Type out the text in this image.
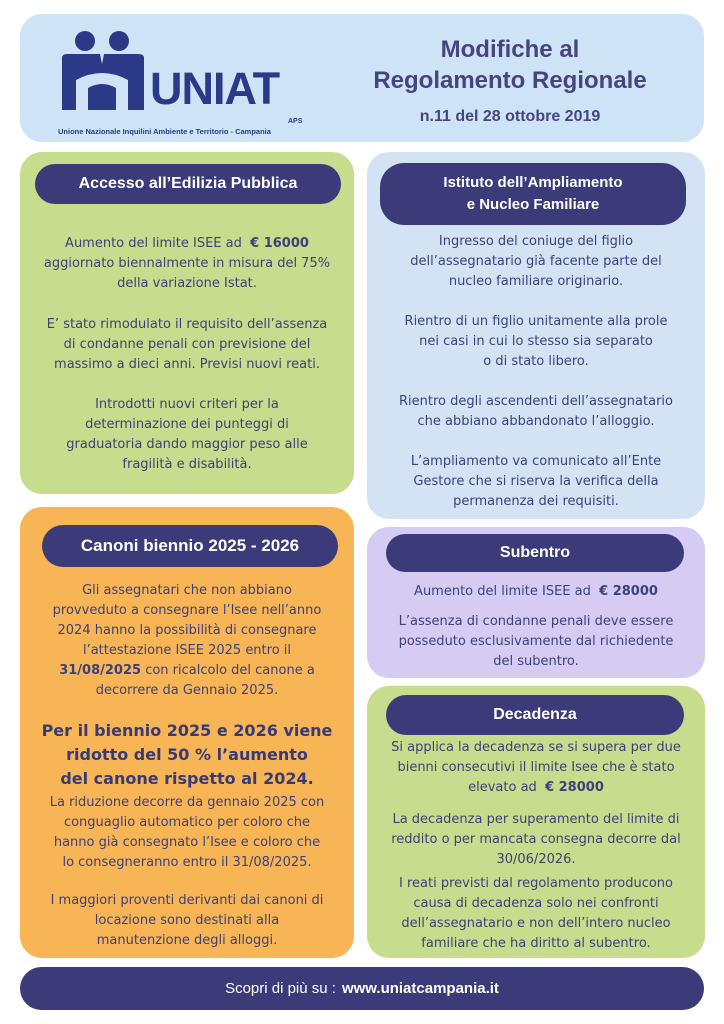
UNIAT
APS
Unione Nazionale Inquilini Ambiente e Territorio - Campania
Modifiche al
Regolamento Regionale
n.11 del 28 ottobre 2019
Accesso all’Edilizia Pubblica
Aumento del limite ISEE ad € 16000
aggiornato biennalmente in misura del 75%
della variazione Istat.
E’ stato rimodulato il requisito dell’assenza
di condanne penali con previsione del
massimo a dieci anni. Previsi nuovi reati.
Introdotti nuovi criteri per la
determinazione dei punteggi di
graduatoria dando maggior peso alle
fragilità e disabilità.
Istituto dell’Ampliamento
e Nucleo Familiare
Ingresso del coniuge del figlio
dell’assegnatario già facente parte del
nucleo familiare originario.
Rientro di un figlio unitamente alla prole
nei casi in cui lo stesso sia separato
o di stato libero.
Rientro degli ascendenti dell’assegnatario
che abbiano abbandonato l’alloggio.
L’ampliamento va comunicato all’Ente
Gestore che si riserva la verifica della
permanenza dei requisiti.
Canoni biennio 2025 - 2026
Gli assegnatari che non abbiano
provveduto a consegnare l’Isee nell’anno
2024 hanno la possibilità di consegnare
l’attestazione ISEE 2025 entro il
31/08/2025 con ricalcolo del canone a
decorrere da Gennaio 2025.
Per il biennio 2025 e 2026 viene
ridotto del 50 % l’aumento
del canone rispetto al 2024.
La riduzione decorre da gennaio 2025 con
conguaglio automatico per coloro che
hanno già consegnato l’Isee e coloro che
lo consegneranno entro il 31/08/2025.
I maggiori proventi derivanti dai canoni di
locazione sono destinati alla
manutenzione degli alloggi.
Subentro
Aumento del limite ISEE ad € 28000
L’assenza di condanne penali deve essere
posseduto esclusivamente dal richiedente
del subentro.
Decadenza
Si applica la decadenza se si supera per due
bienni consecutivi il limite Isee che è stato
elevato ad € 28000
La decadenza per superamento del limite di
reddito o per mancata consegna decorre dal
30/06/2026.
I reati previsti dal regolamento producono
causa di decadenza solo nei confronti
dell’assegnatario e non dell’intero nucleo
familiare che ha diritto al subentro.
Scopri di più su : www.uniatcampania.it
